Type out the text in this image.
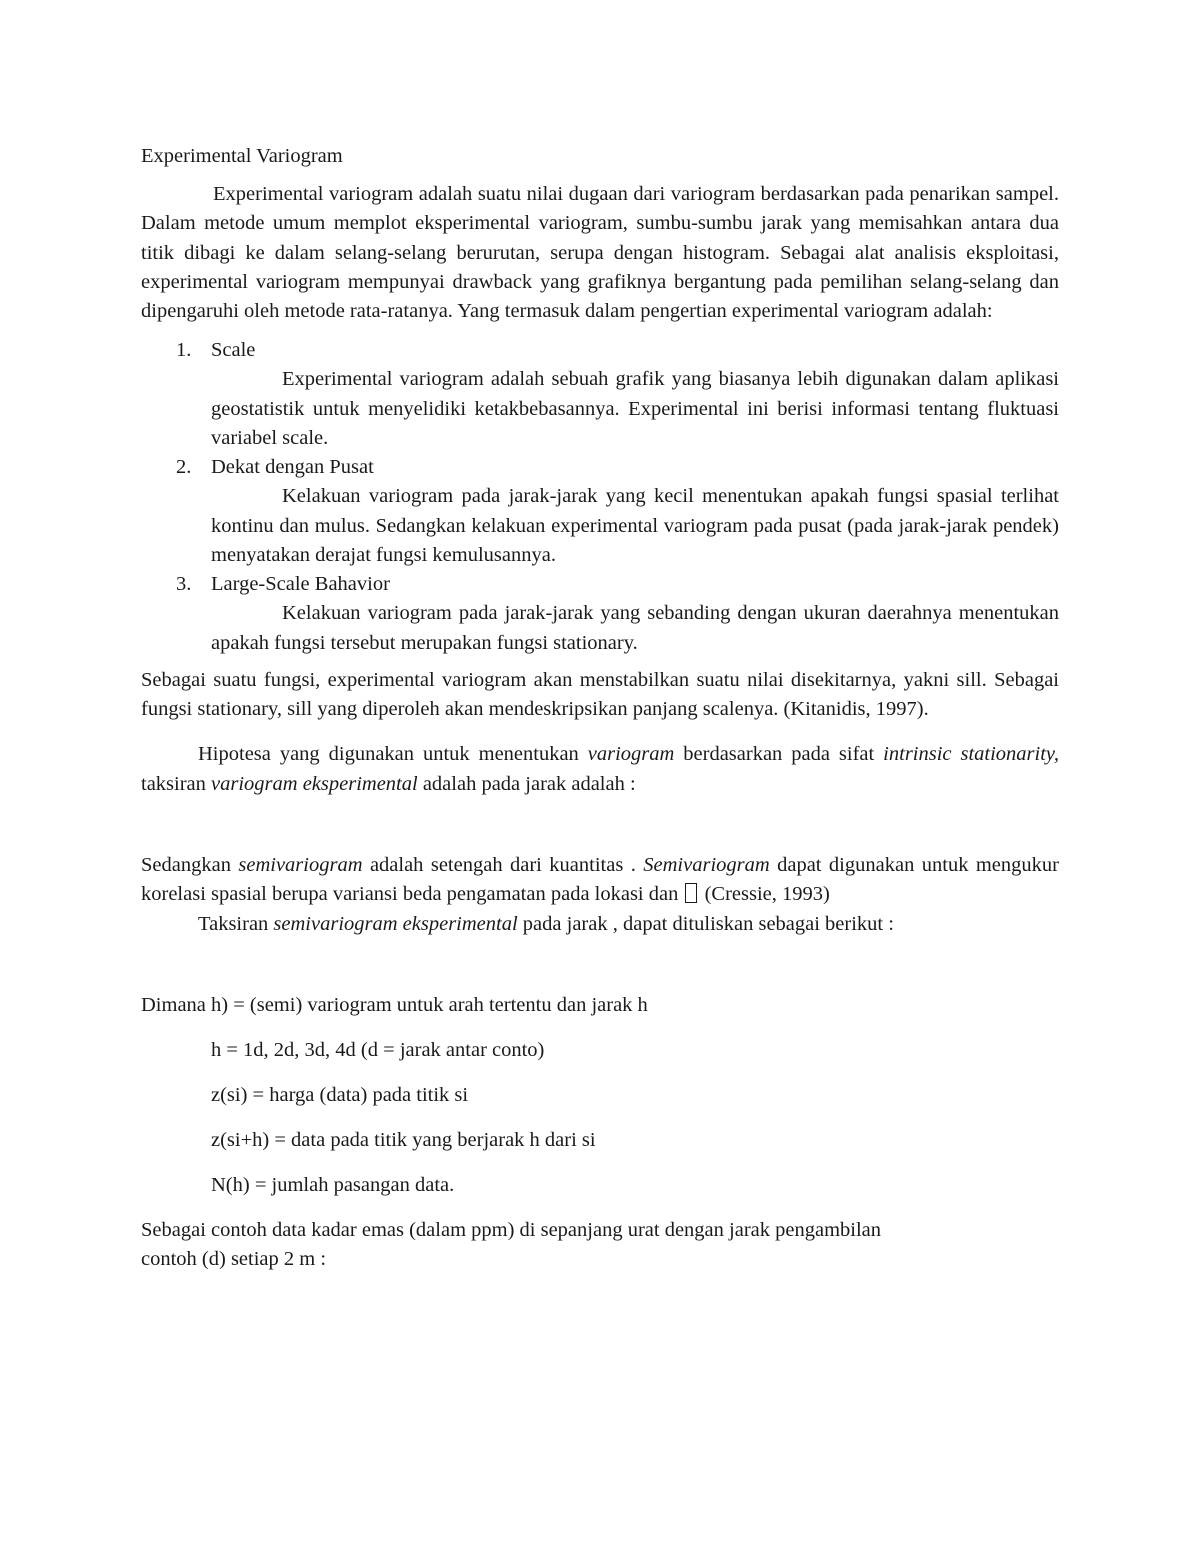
Experimental Variogram

Experimental variogram adalah suatu nilai dugaan dari variogram berdasarkan pada penarikan sampel. Dalam metode umum memplot eksperimental variogram, sumbu-sumbu jarak yang memisahkan antara dua titik dibagi ke dalam selang-selang berurutan, serupa dengan histogram. Sebagai alat analisis eksploitasi, experimental variogram mempunyai drawback yang grafiknya bergantung pada pemilihan selang-selang dan dipengaruhi oleh metode rata-ratanya. Yang termasuk dalam pengertian experimental variogram adalah:

1. Scale
Experimental variogram adalah sebuah grafik yang biasanya lebih digunakan dalam aplikasi geostatistik untuk menyelidiki ketakbebasannya. Experimental ini berisi informasi tentang fluktuasi variabel scale.
2. Dekat dengan Pusat
Kelakuan variogram pada jarak-jarak yang kecil menentukan apakah fungsi spasial terlihat kontinu dan mulus. Sedangkan kelakuan experimental variogram pada pusat (pada jarak-jarak pendek) menyatakan derajat fungsi kemulusannya.
3. Large-Scale Bahavior
Kelakuan variogram pada jarak-jarak yang sebanding dengan ukuran daerahnya menentukan apakah fungsi tersebut merupakan fungsi stationary.

Sebagai suatu fungsi, experimental variogram akan menstabilkan suatu nilai disekitarnya, yakni sill. Sebagai fungsi stationary, sill yang diperoleh akan mendeskripsikan panjang scalenya. (Kitanidis, 1997).

Hipotesa yang digunakan untuk menentukan variogram berdasarkan pada sifat intrinsic stationarity, taksiran variogram eksperimental adalah pada jarak adalah :

Sedangkan semivariogram adalah setengah dari kuantitas . Semivariogram dapat digunakan untuk mengukur korelasi spasial berupa variansi beda pengamatan pada lokasi dan  (Cressie, 1993)

Taksiran semivariogram eksperimental pada jarak , dapat dituliskan sebagai berikut :

Dimana h) = (semi) variogram untuk arah tertentu dan jarak h

h = 1d, 2d, 3d, 4d (d = jarak antar conto)

z(si) = harga (data) pada titik si

z(si+h) = data pada titik yang berjarak h dari si

N(h) = jumlah pasangan data.

Sebagai contoh data kadar emas (dalam ppm) di sepanjang urat dengan jarak pengambilan
contoh (d) setiap 2 m :
